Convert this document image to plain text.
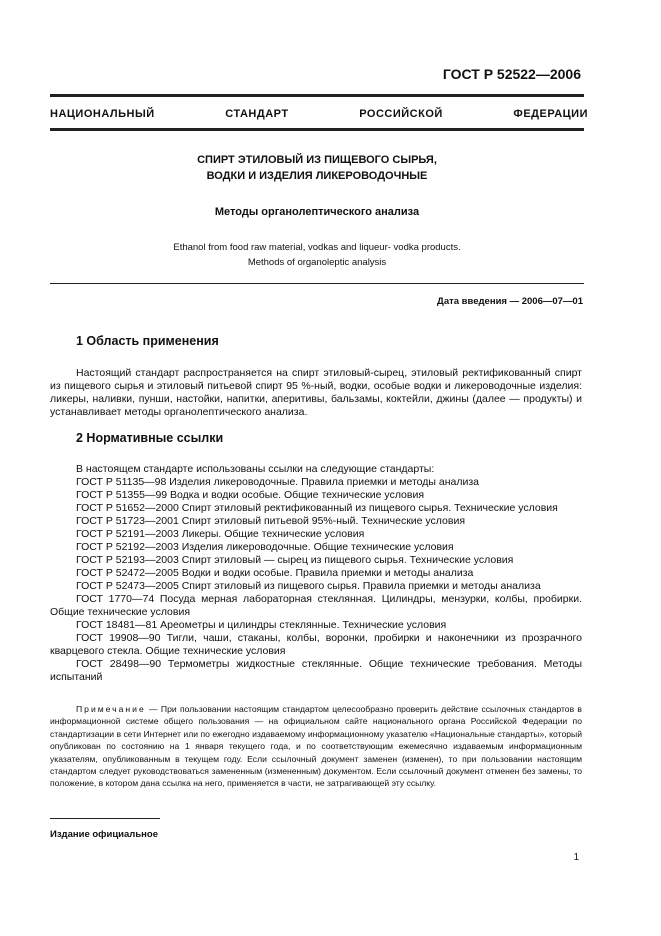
ГОСТ Р 52522—2006
НАЦИОНАЛЬНЫЙ СТАНДАРТ РОССИЙСКОЙ ФЕДЕРАЦИИ
СПИРТ ЭТИЛОВЫЙ ИЗ ПИЩЕВОГО СЫРЬЯ,
ВОДКИ И ИЗДЕЛИЯ ЛИКЕРОВОДОЧНЫЕ
Методы органолептического анализа
Ethanol from food raw material, vodkas and liqueur- vodka products.
Methods of organoleptic analysis
Дата введения — 2006—07—01
1 Область применения
Настоящий стандарт распространяется на спирт этиловый-сырец, этиловый ректификованный спирт из пищевого сырья и этиловый питьевой спирт 95 %-ный, водки, особые водки и ликероводочные изделия: ликеры, наливки, пунши, настойки, напитки, аперитивы, бальзамы, коктейли, джины (далее — продукты) и устанавливает методы органолептического анализа.
2 Нормативные ссылки
В настоящем стандарте использованы ссылки на следующие стандарты:
ГОСТ Р 51135—98 Изделия ликероводочные. Правила приемки и методы анализа
ГОСТ Р 51355—99 Водка и водки особые. Общие технические условия
ГОСТ Р 51652—2000 Спирт этиловый ректификованный из пищевого сырья. Технические условия
ГОСТ Р 51723—2001 Спирт этиловый питьевой 95%-ный. Технические условия
ГОСТ Р 52191—2003 Ликеры. Общие технические условия
ГОСТ Р 52192—2003 Изделия ликероводочные. Общие технические условия
ГОСТ Р 52193—2003 Спирт этиловый — сырец из пищевого сырья. Технические условия
ГОСТ Р 52472—2005 Водки и водки особые. Правила приемки и методы анализа
ГОСТ Р 52473—2005 Спирт этиловый из пищевого сырья. Правила приемки и методы анализа
ГОСТ 1770—74 Посуда мерная лабораторная стеклянная. Цилиндры, мензурки, колбы, пробирки. Общие технические условия
ГОСТ 18481—81 Ареометры и цилиндры стеклянные. Технические условия
ГОСТ 19908—90 Тигли, чаши, стаканы, колбы, воронки, пробирки и наконечники из прозрачного кварцевого стекла. Общие технические условия
ГОСТ 28498—90 Термометры жидкостные стеклянные. Общие технические требования. Методы испытаний
Примечание — При пользовании настоящим стандартом целесообразно проверить действие ссылочных стандартов в информационной системе общего пользования — на официальном сайте национального органа Российской Федерации по стандартизации в сети Интернет или по ежегодно издаваемому информационному указателю «Национальные стандарты», который опубликован по состоянию на 1 января текущего года, и по соответствующим ежемесячно издаваемым информационным указателям, опубликованным в текущем году. Если ссылочный документ заменен (изменен), то при пользовании настоящим стандартом следует руководствоваться замененным (измененным) документом. Если ссылочный документ отменен без замены, то положение, в котором дана ссылка на него, применяется в части, не затрагивающей эту ссылку.
Издание официальное
1
